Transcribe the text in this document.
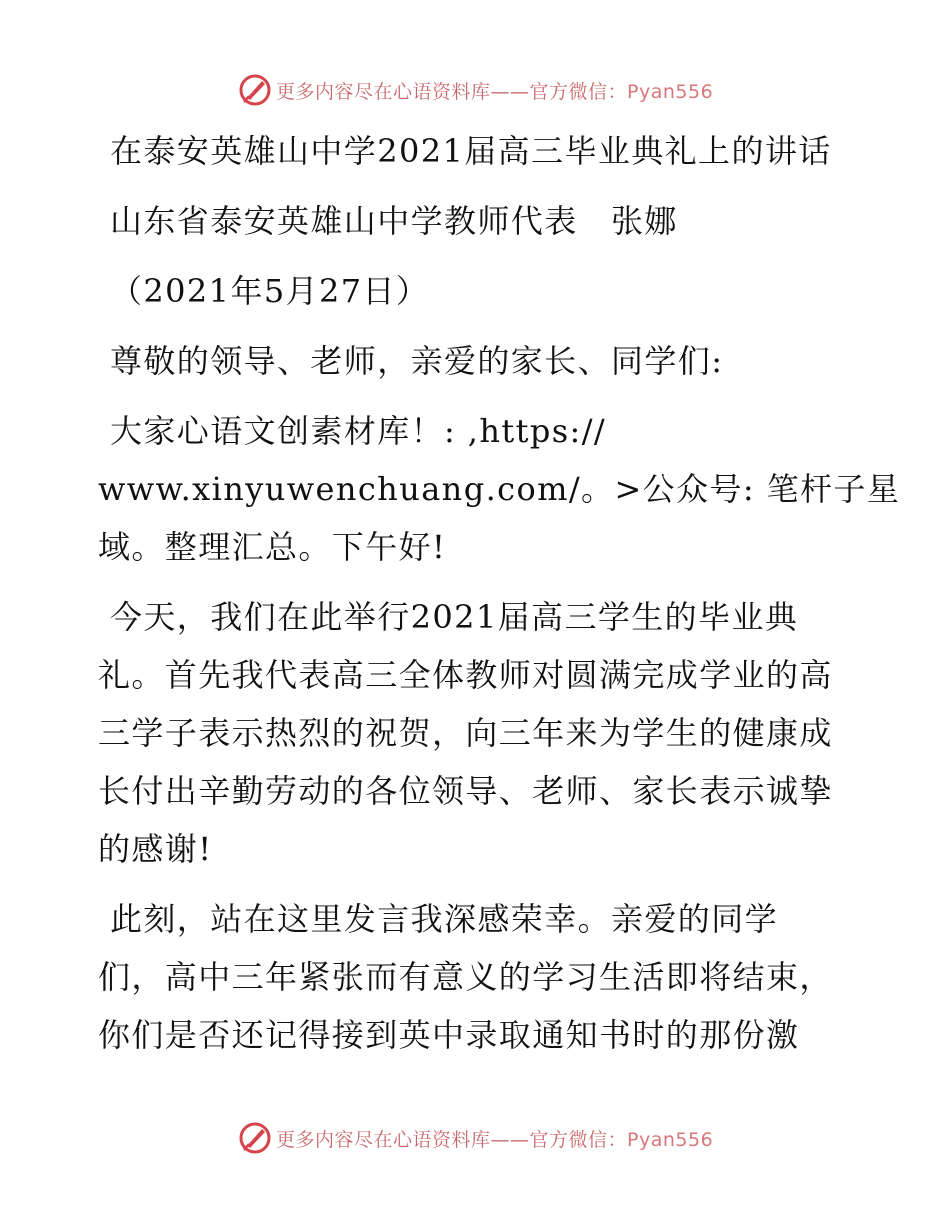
更多内容尽在心语资料库——官方微信：Pyan556
在泰安英雄山中学2021届高三毕业典礼上的讲话
山东省泰安英雄山中学教师代表　张娜
（2021年5月27日）
尊敬的领导、老师，亲爱的家长、同学们:
大家心语文创素材库！: ,https://
www.xinyuwenchuang.com/。>公众号: 笔杆子星
域。整理汇总。下午好!
今天，我们在此举行2021届高三学生的毕业典
礼。首先我代表高三全体教师对圆满完成学业的高
三学子表示热烈的祝贺，向三年来为学生的健康成
长付出辛勤劳动的各位领导、老师、家长表示诚挚
的感谢!
此刻，站在这里发言我深感荣幸。亲爱的同学
们，高中三年紧张而有意义的学习生活即将结束，
你们是否还记得接到英中录取通知书时的那份激
更多内容尽在心语资料库——官方微信：Pyan556
